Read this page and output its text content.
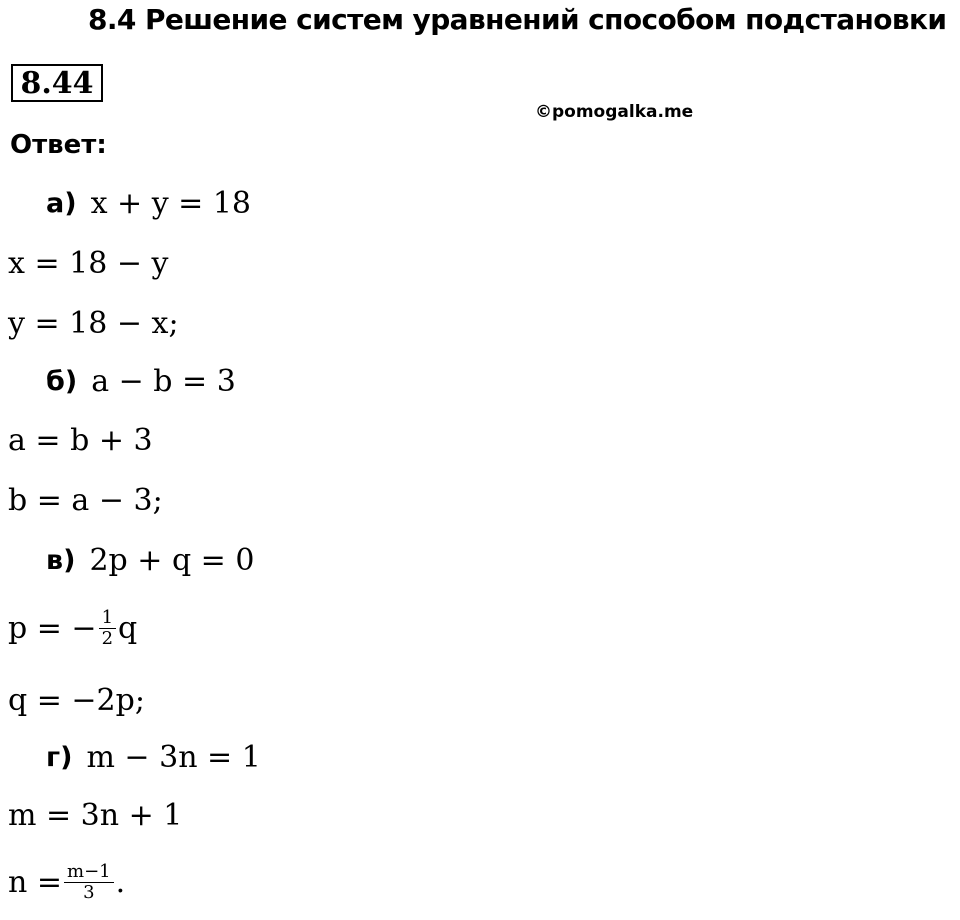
8.4 Решение систем уравнений способом подстановки
8.44
©pomogalka.me
Ответ:
а) x + y = 18
x = 18 − y
y = 18 − x;
б) a − b = 3
a = b + 3
b = a − 3;
в) 2p + q = 0
p = − $\frac{1}{2}$ q
q = −2p;
г) m − 3n = 1
m = 3n + 1
$n = \frac{m-1}{3}$ .
